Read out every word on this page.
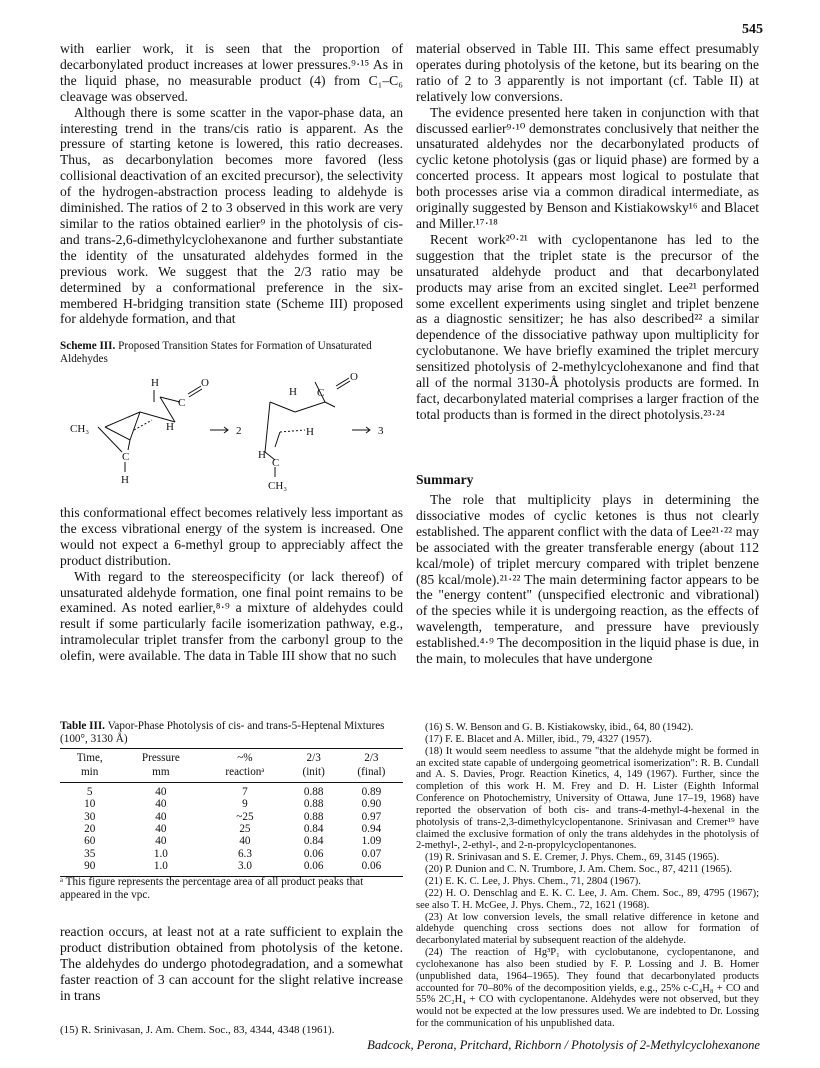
545

with earlier work, it is seen that the proportion of decarbonylated product increases at lower pressures.⁹·¹⁵ As in the liquid phase, no measurable product (4) from C₁–C₆ cleavage was observed.

Although there is some scatter in the vapor-phase data, an interesting trend in the trans/cis ratio is apparent. As the pressure of starting ketone is lowered, this ratio decreases. Thus, as decarbonylation becomes more favored (less collisional deactivation of an excited precursor), the selectivity of the hydrogen-abstraction process leading to aldehyde is diminished. The ratios of 2 to 3 observed in this work are very similar to the ratios obtained earlier⁹ in the photolysis of cis- and trans-2,6-dimethylcyclohexanone and further substantiate the identity of the unsaturated aldehydes formed in the previous work. We suggest that the 2/3 ratio may be determined by a conformational preference in the six-membered H-bridging transition state (Scheme III) proposed for aldehyde formation, and that

Scheme III. Proposed Transition States for Formation of Unsaturated Aldehydes
H
C
O
H
CH₃
C
H
2
H C
O
H
H
C
CH₃
3

this conformational effect becomes relatively less important as the excess vibrational energy of the system is increased. One would not expect a 6-methyl group to appreciably affect the product distribution.

With regard to the stereospecificity (or lack thereof) of unsaturated aldehyde formation, one final point remains to be examined. As noted earlier,⁸·⁹ a mixture of aldehydes could result if some particularly facile isomerization pathway, e.g., intramolecular triplet transfer from the carbonyl group to the olefin, were available. The data in Table III show that no such

Table III. Vapor-Phase Photolysis of cis- and trans-5-Heptenal Mixtures (100°, 3130 Å)
Time,	Pressure	~%	2/3	2/3
min	mm	reactionᵃ	(init)	(final)
5	40	7	0.88	0.89
10	40	9	0.88	0.90
30	40	~25	0.88	0.97
20	40	25	0.84	0.94
60	40	40	0.84	1.09
35	1.0	6.3	0.06	0.07
90	1.0	3.0	0.06	0.06
ᵃ This figure represents the percentage area of all product peaks that appeared in the vpc.

reaction occurs, at least not at a rate sufficient to explain the product distribution obtained from photolysis of the ketone. The aldehydes do undergo photodegradation, and a somewhat faster reaction of 3 can account for the slight relative increase in trans

(15) R. Srinivasan, J. Am. Chem. Soc., 83, 4344, 4348 (1961).

material observed in Table III. This same effect presumably operates during photolysis of the ketone, but its bearing on the ratio of 2 to 3 apparently is not important (cf. Table II) at relatively low conversions.

The evidence presented here taken in conjunction with that discussed earlier⁹·¹⁰ demonstrates conclusively that neither the unsaturated aldehydes nor the decarbonylated products of cyclic ketone photolysis (gas or liquid phase) are formed by a concerted process. It appears most logical to postulate that both processes arise via a common diradical intermediate, as originally suggested by Benson and Kistiakowsky¹⁶ and Blacet and Miller.¹⁷·¹⁸

Recent work²⁰·²¹ with cyclopentanone has led to the suggestion that the triplet state is the precursor of the unsaturated aldehyde product and that decarbonylated products may arise from an excited singlet. Lee²¹ performed some excellent experiments using singlet and triplet benzene as a diagnostic sensitizer; he has also described²² a similar dependence of the dissociative pathway upon multiplicity for cyclobutanone. We have briefly examined the triplet mercury sensitized photolysis of 2-methylcyclohexanone and find that all of the normal 3130-Å photolysis products are formed. In fact, decarbonylated material comprises a larger fraction of the total products than is formed in the direct photolysis.²³·²⁴

Summary

The role that multiplicity plays in determining the dissociative modes of cyclic ketones is thus not clearly established. The apparent conflict with the data of Lee²¹·²² may be associated with the greater transferable energy (about 112 kcal/mole) of triplet mercury compared with triplet benzene (85 kcal/mole).²¹·²² The main determining factor appears to be the "energy content" (unspecified electronic and vibrational) of the species while it is undergoing reaction, as the effects of wavelength, temperature, and pressure have previously established.⁴·⁹ The decomposition in the liquid phase is due, in the main, to molecules that have undergone

(16) S. W. Benson and G. B. Kistiakowsky, ibid., 64, 80 (1942).

(17) F. E. Blacet and A. Miller, ibid., 79, 4327 (1957).

(18) It would seem needless to assume "that the aldehyde might be formed in an excited state capable of undergoing geometrical isomerization": R. B. Cundall and A. S. Davies, Progr. Reaction Kinetics, 4, 149 (1967). Further, since the completion of this work H. M. Frey and D. H. Lister (Eighth Informal Conference on Photochemistry, University of Ottawa, June 17–19, 1968) have reported the observation of both cis- and trans-4-methyl-4-hexenal in the photolysis of trans-2,3-dimethylcyclopentanone. Srinivasan and Cremer¹⁹ have claimed the exclusive formation of only the trans aldehydes in the photolysis of 2-methyl-, 2-ethyl-, and 2-n-propylcyclopentanones.

(19) R. Srinivasan and S. E. Cremer, J. Phys. Chem., 69, 3145 (1965).

(20) P. Dunion and C. N. Trumbore, J. Am. Chem. Soc., 87, 4211 (1965).

(21) E. K. C. Lee, J. Phys. Chem., 71, 2804 (1967).

(22) H. O. Denschlag and E. K. C. Lee, J. Am. Chem. Soc., 89, 4795 (1967); see also T. H. McGee, J. Phys. Chem., 72, 1621 (1968).

(23) At low conversion levels, the small relative difference in ketone and aldehyde quenching cross sections does not allow for formation of decarbonylated material by subsequent reaction of the aldehyde.

(24) The reaction of Hg³P₁ with cyclobutanone, cyclopentanone, and cyclohexanone has also been studied by F. P. Lossing and J. B. Homer (unpublished data, 1964–1965). They found that decarbonylated products accounted for 70–80% of the decomposition yields, e.g., 25% c-C₄H₈ + CO and 55% 2C₂H₄ + CO with cyclopentanone. Aldehydes were not observed, but they would not be expected at the low pressures used. We are indebted to Dr. Lossing for the communication of his unpublished data.

Badcock, Perona, Pritchard, Richborn / Photolysis of 2-Methylcyclohexanone
